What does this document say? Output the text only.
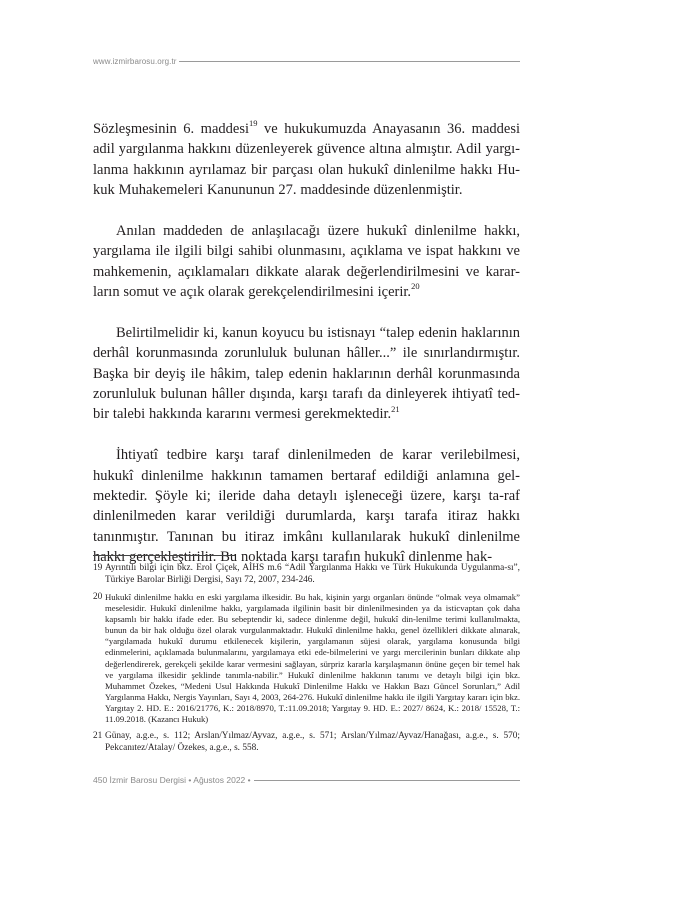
www.izmirbarosu.org.tr

Sözleşmesinin 6. maddesi$^{19}$ ve hukukumuzda Anayasanın 36. maddesi adil yargılanma hakkını düzenleyerek güvence altına almıştır. Adil yargı-lanma hakkının ayrılamaz bir parçası olan hukukî dinlenilme hakkı Hu-kuk Muhakemeleri Kanununun 27. maddesinde düzenlenmiştir.

Anılan maddeden de anlaşılacağı üzere hukukî dinlenilme hakkı, yargılama ile ilgili bilgi sahibi olunmasını, açıklama ve ispat hakkını ve mahkemenin, açıklamaları dikkate alarak değerlendirilmesini ve karar-ların somut ve açık olarak gerekçelendirilmesini içerir.$^{20}$

Belirtilmelidir ki, kanun koyucu bu istisnayı “talep edenin haklarının derhâl korunmasında zorunluluk bulunan hâller...” ile sınırlandırmıştır. Başka bir deyiş ile hâkim, talep edenin haklarının derhâl korunmasında zorunluluk bulunan hâller dışında, karşı tarafı da dinleyerek ihtiyatî ted-bir talebi hakkında kararını vermesi gerekmektedir.$^{21}$

İhtiyatî tedbire karşı taraf dinlenilmeden de karar verilebilmesi, hukukî dinlenilme hakkının tamamen bertaraf edildiği anlamına gel-mektedir. Şöyle ki; ileride daha detaylı işleneceği üzere, karşı ta-raf dinlenilmeden karar verildiği durumlarda, karşı tarafa itiraz hakkı tanınmıştır. Tanınan bu itiraz imkânı kullanılarak hukukî dinlenilme hakkı gerçekleştirilir. Bu noktada karşı tarafın hukukî dinlenme hak-

19 Ayrıntılı bilgi için bkz. Erol Çiçek, AİHS m.6 “Adil Yargılanma Hakkı ve Türk Hukukunda Uygulanma-sı”, Türkiye Barolar Birliği Dergisi, Sayı 72, 2007, 234-246.
20 Hukukî dinlenilme hakkı en eski yargılama ilkesidir. Bu hak, kişinin yargı organları önünde “olmak veya olmamak” meselesidir. Hukukî dinlenilme hakkı, yargılamada ilgilinin basit bir dinlenilmesinden ya da isticvaptan çok daha kapsamlı bir hakkı ifade eder. Bu sebeptendir ki, sadece dinlenme değil, hukukî din-lenilme terimi kullanılmakta, bunun da bir hak olduğu özel olarak vurgulanmaktadır. Hukukî dinlenilme hakkı, genel özellikleri dikkate alınarak, “yargılamada hukukî durumu etkilenecek kişilerin, yargılamanın süjesi olarak, yargılama konusunda bilgi edinmelerini, açıklamada bulunmalarını, yargılamaya etki ede-bilmelerini ve yargı mercilerinin bunları dikkate alıp değerlendirerek, gerekçeli şekilde karar vermesini sağlayan, sürpriz kararla karşılaşmanın önüne geçen bir temel hak ve yargılama ilkesidir şeklinde tanımla-nabilir.” Hukukî dinlenilme hakkının tanımı ve detaylı bilgi için bkz. Muhammet Özekes, “Medeni Usul Hakkında Hukukî Dinlenilme Hakkı ve Hakkın Bazı Güncel Sorunları,” Adil Yargılanma Hakkı, Nergis Yayınları, Sayı 4, 2003, 264-276. Hukukî dinlenilme hakkı ile ilgili Yargıtay kararı için bkz. Yargıtay 2. HD. E.: 2016/21776, K.: 2018/8970, T.:11.09.2018; Yargıtay 9. HD. E.: 2027/ 8624, K.: 2018/ 15528, T.: 11.09.2018. (Kazancı Hukuk)
21 Günay, a.g.e., s. 112; Arslan/Yılmaz/Ayvaz, a.g.e., s. 571; Arslan/Yılmaz/Ayvaz/Hanağası, a.g.e., s. 570; Pekcanıtez/Atalay/ Özekes, a.g.e., s. 558.
450 İzmir Barosu Dergisi • Ağustos 2022 •
